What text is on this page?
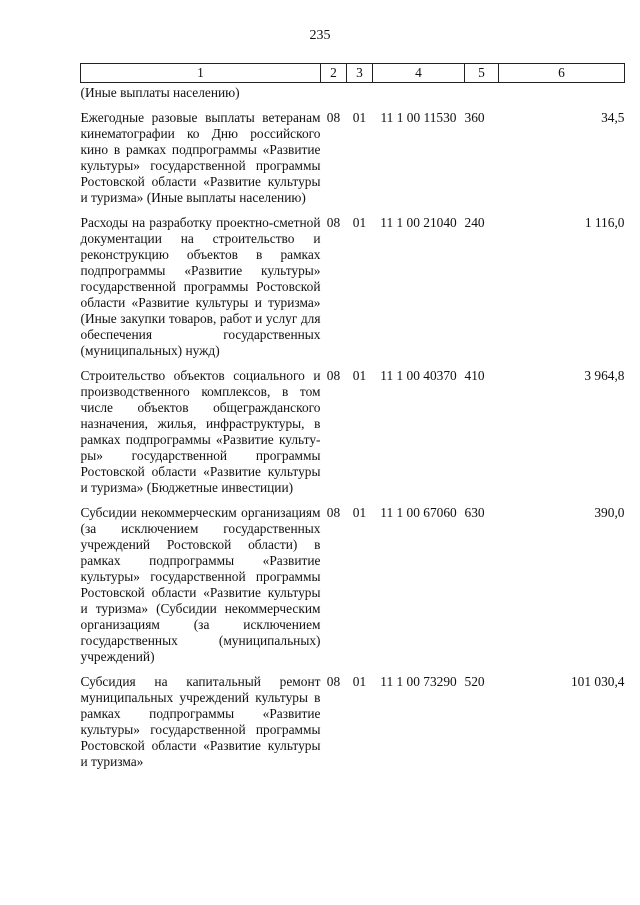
235
1	2	3	4	5	6
(Иные выплаты населению)					
Ежегодные разовые выплаты ветеранам кинематографии ко Дню российского кино в рамках подпрограммы «Развитие культуры» государственной программы Ростовской области «Развитие культуры и туризма» (Иные выплаты населению)	08	01	11 1 00 11530	360	34,5
Расходы на разработку проектно-сметной документации на строительство и реконструкцию объектов в рамках подпрограммы «Развитие культуры» государственной программы Ростовской области «Развитие культуры и туризма» (Иные закупки товаров, работ и услуг для обеспечения государственных (муниципальных) нужд)	08	01	11 1 00 21040	240	1 116,0
Строительство объектов социального и производственного комплексов, в том числе объектов общегражданского назначения, жилья, инфраструктуры, в рамках подпрограммы «Развитие культуры» государственной программы Ростовской области «Развитие культуры и туризма» (Бюджетные инвестиции)	08	01	11 1 00 40370	410	3 964,8
Субсидии некоммерческим организациям (за исключением государственных учреждений Ростовской области) в рамках подпрограммы «Развитие культуры» государственной программы Ростовской области «Развитие культуры и туризма» (Субсидии некоммерческим организациям (за исключением государственных (муниципальных) учреждений)	08	01	11 1 00 67060	630	390,0
Субсидия на капитальный ремонт муниципальных учреждений культуры в рамках подпрограммы «Развитие культуры» государственной программы Ростовской области «Развитие культуры и туризма»	08	01	11 1 00 73290	520	101 030,4
